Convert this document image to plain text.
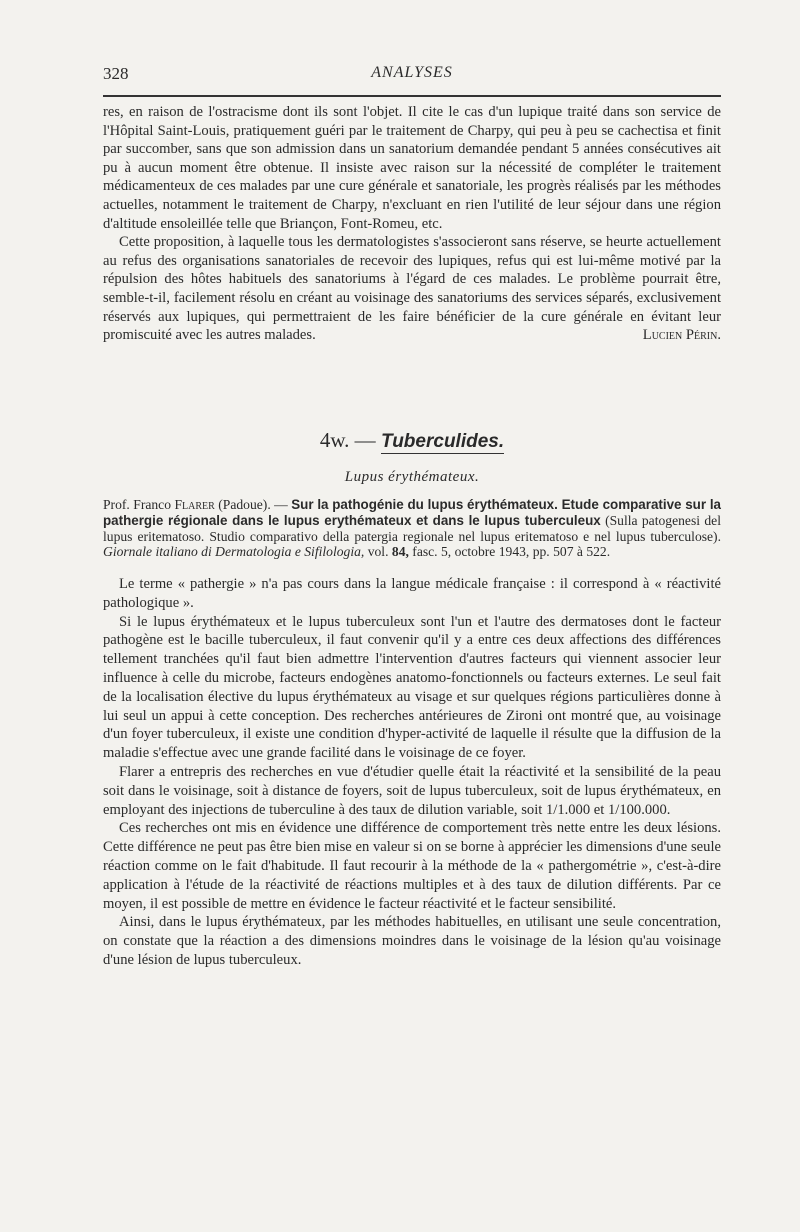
328	ANALYSES

res, en raison de l'ostracisme dont ils sont l'objet. Il cite le cas d'un lupique traité dans son service de l'Hôpital Saint-Louis, pratiquement guéri par le traitement de Charpy, qui peu à peu se cachectisa et finit par succomber, sans que son admission dans un sanatorium demandée pendant 5 années consécutives ait pu à aucun moment être obtenue. Il insiste avec raison sur la nécessité de compléter le traitement médicamenteux de ces malades par une cure générale et sanatoriale, les progrès réalisés par les méthodes actuelles, notamment le traitement de Charpy, n'excluant en rien l'utilité de leur séjour dans une région d'altitude ensoleillée telle que Briançon, Font-Romeu, etc.

Cette proposition, à laquelle tous les dermatologistes s'associeront sans réserve, se heurte actuellement au refus des organisations sanatoriales de recevoir des lupiques, refus qui est lui-même motivé par la répulsion des hôtes habituels des sanatoriums à l'égard de ces malades. Le problème pourrait être, semble-t-il, facilement résolu en créant au voisinage des sanatoriums des services séparés, exclusivement réservés aux lupiques, qui permettraient de les faire bénéficier de la cure générale en évitant leur promiscuité avec les autres malades.	Lucien Périn.

4w. — Tuberculides.
Lupus érythémateux.
Prof. Franco Flarer (Padoue). — Sur la pathogénie du lupus érythémateux. Etude comparative sur la pathergie régionale dans le lupus erythémateux et dans le lupus tuberculeux (Sulla patogenesi del lupus eritematoso. Studio comparativo della patergia regionale nel lupus eritematoso e nel lupus tuberculose). Giornale italiano di Dermatologia e Sifilologia, vol. 84, fasc. 5, octobre 1943, pp. 507 à 522.

Le terme « pathergie » n'a pas cours dans la langue médicale française : il correspond à « réactivité pathologique ».

Si le lupus érythémateux et le lupus tuberculeux sont l'un et l'autre des dermatoses dont le facteur pathogène est le bacille tuberculeux, il faut convenir qu'il y a entre ces deux affections des différences tellement tranchées qu'il faut bien admettre l'intervention d'autres facteurs qui viennent associer leur influence à celle du microbe, facteurs endogènes anatomo-fonctionnels ou facteurs externes. Le seul fait de la localisation élective du lupus érythémateux au visage et sur quelques régions particulières donne à lui seul un appui à cette conception. Des recherches antérieures de Zironi ont montré que, au voisinage d'un foyer tuberculeux, il existe une condition d'hyper-activité de laquelle il résulte que la diffusion de la maladie s'effectue avec une grande facilité dans le voisinage de ce foyer.

Flarer a entrepris des recherches en vue d'étudier quelle était la réactivité et la sensibilité de la peau soit dans le voisinage, soit à distance de foyers, soit de lupus tuberculeux, soit de lupus érythémateux, en employant des injections de tuberculine à des taux de dilution variable, soit 1/1.000 et 1/100.000.

Ces recherches ont mis en évidence une différence de comportement très nette entre les deux lésions. Cette différence ne peut pas être bien mise en valeur si on se borne à apprécier les dimensions d'une seule réaction comme on le fait d'habitude. Il faut recourir à la méthode de la « pathergométrie », c'est-à-dire application à l'étude de la réactivité de réactions multiples et à des taux de dilution différents. Par ce moyen, il est possible de mettre en évidence le facteur réactivité et le facteur sensibilité.

Ainsi, dans le lupus érythémateux, par les méthodes habituelles, en utilisant une seule concentration, on constate que la réaction a des dimensions moindres dans le voisinage de la lésion qu'au voisinage d'une lésion de lupus tuberculeux.
